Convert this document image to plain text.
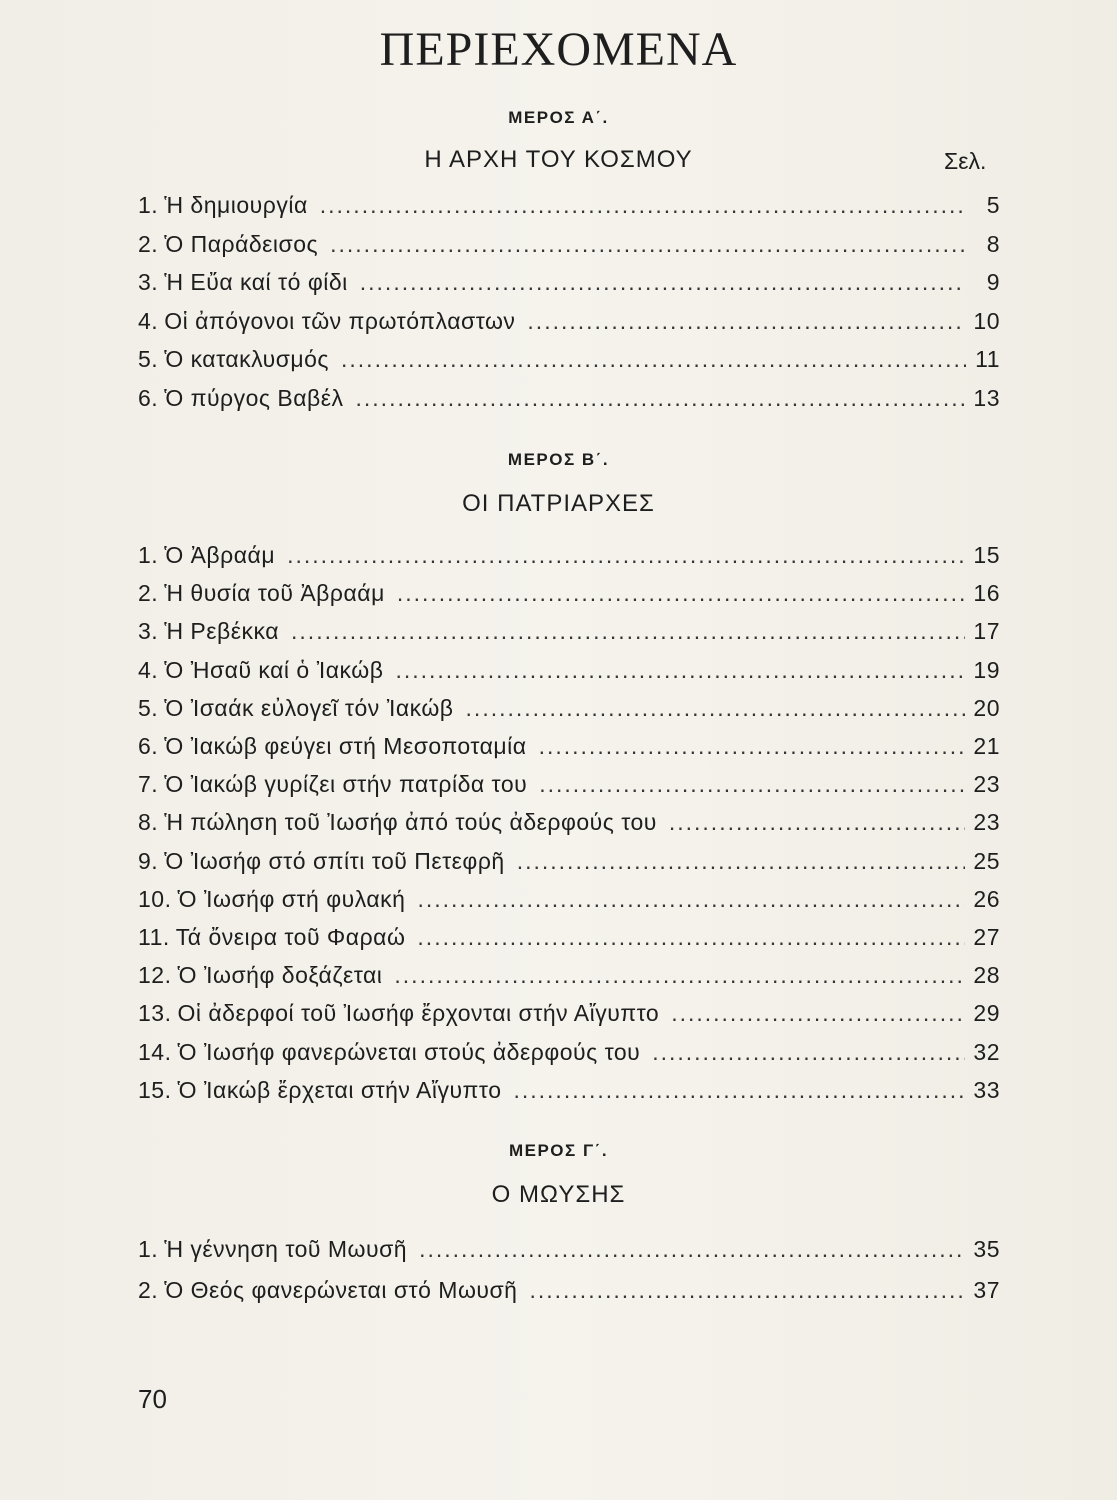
ΠΕΡΙΕΧΟΜΕΝΑ
ΜΕΡΟΣ Α΄.
Η ΑΡΧΗ ΤΟΥ ΚΟΣΜΟΥ	Σελ.
1. Ἡ δημιουργία .....	5
2. Ὁ Παράδεισος .....	8
3. Ἡ Εὔα καί τό φίδι .....	9
4. Οἱ ἀπόγονοι τῶν πρωτόπλαστων .....	10
5. Ὁ κατακλυσμός .....	11
6. Ὁ πύργος Βαβέλ .....	13
ΜΕΡΟΣ Β΄.
ΟΙ ΠΑΤΡΙΑΡΧΕΣ
1. Ὁ Ἀβραάμ .....	15
2. Ἡ θυσία τοῦ Ἀβραάμ .....	16
3. Ἡ Ρεβέκκα .....	17
4. Ὁ Ἠσαῦ καί ὁ Ἰακώβ .....	19
5. Ὁ Ἰσαάκ εὐλογεῖ τόν Ἰακώβ .....	20
6. Ὁ Ἰακώβ φεύγει στή Μεσοποταμία .....	21
7. Ὁ Ἰακώβ γυρίζει στήν πατρίδα του .....	23
8. Ἡ πώληση τοῦ Ἰωσήφ ἀπό τούς ἀδερφούς του .....	23
9. Ὁ Ἰωσήφ στό σπίτι τοῦ Πετεφρῆ .....	25
10. Ὁ Ἰωσήφ στή φυλακή .....	26
11. Τά ὄνειρα τοῦ Φαραώ .....	27
12. Ὁ Ἰωσήφ δοξάζεται .....	28
13. Οἱ ἀδερφοί τοῦ Ἰωσήφ ἔρχονται στήν Αἴγυπτο .....	29
14. Ὁ Ἰωσήφ φανερώνεται στούς ἀδερφούς του .....	32
15. Ὁ Ἰακώβ ἔρχεται στήν Αἴγυπτο .....	33
ΜΕΡΟΣ Γ΄.
Ο ΜΩΥΣΗΣ
1. Ἡ γέννηση τοῦ Μωυσῆ .....	35
2. Ὁ Θεός φανερώνεται στό Μωυσῆ .....	37
70
